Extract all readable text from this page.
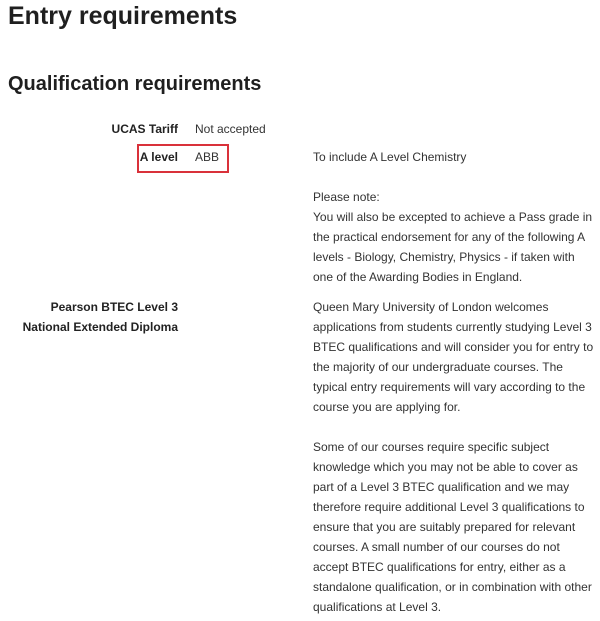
Entry requirements
Qualification requirements
UCAS Tariff Not accepted
A level ABB	To include A Level Chemistry

Please note:

You will also be excepted to achieve a Pass grade in the practical endorsement for any of the following A levels - Biology, Chemistry, Physics - if taken with one of the Awarding Bodies in England.

Pearson BTEC Level 3
National Extended Diploma

Queen Mary University of London welcomes applications from students currently studying Level 3 BTEC qualifications and will consider you for entry to the majority of our undergraduate courses. The typical entry requirements will vary according to the course you are applying for.

Some of our courses require specific subject knowledge which you may not be able to cover as part of a Level 3 BTEC qualification and we may therefore require additional Level 3 qualifications to ensure that you are suitably prepared for relevant courses. A small number of our courses do not accept BTEC qualifications for entry, either as a standalone qualification, or in combination with other qualifications at Level 3.
